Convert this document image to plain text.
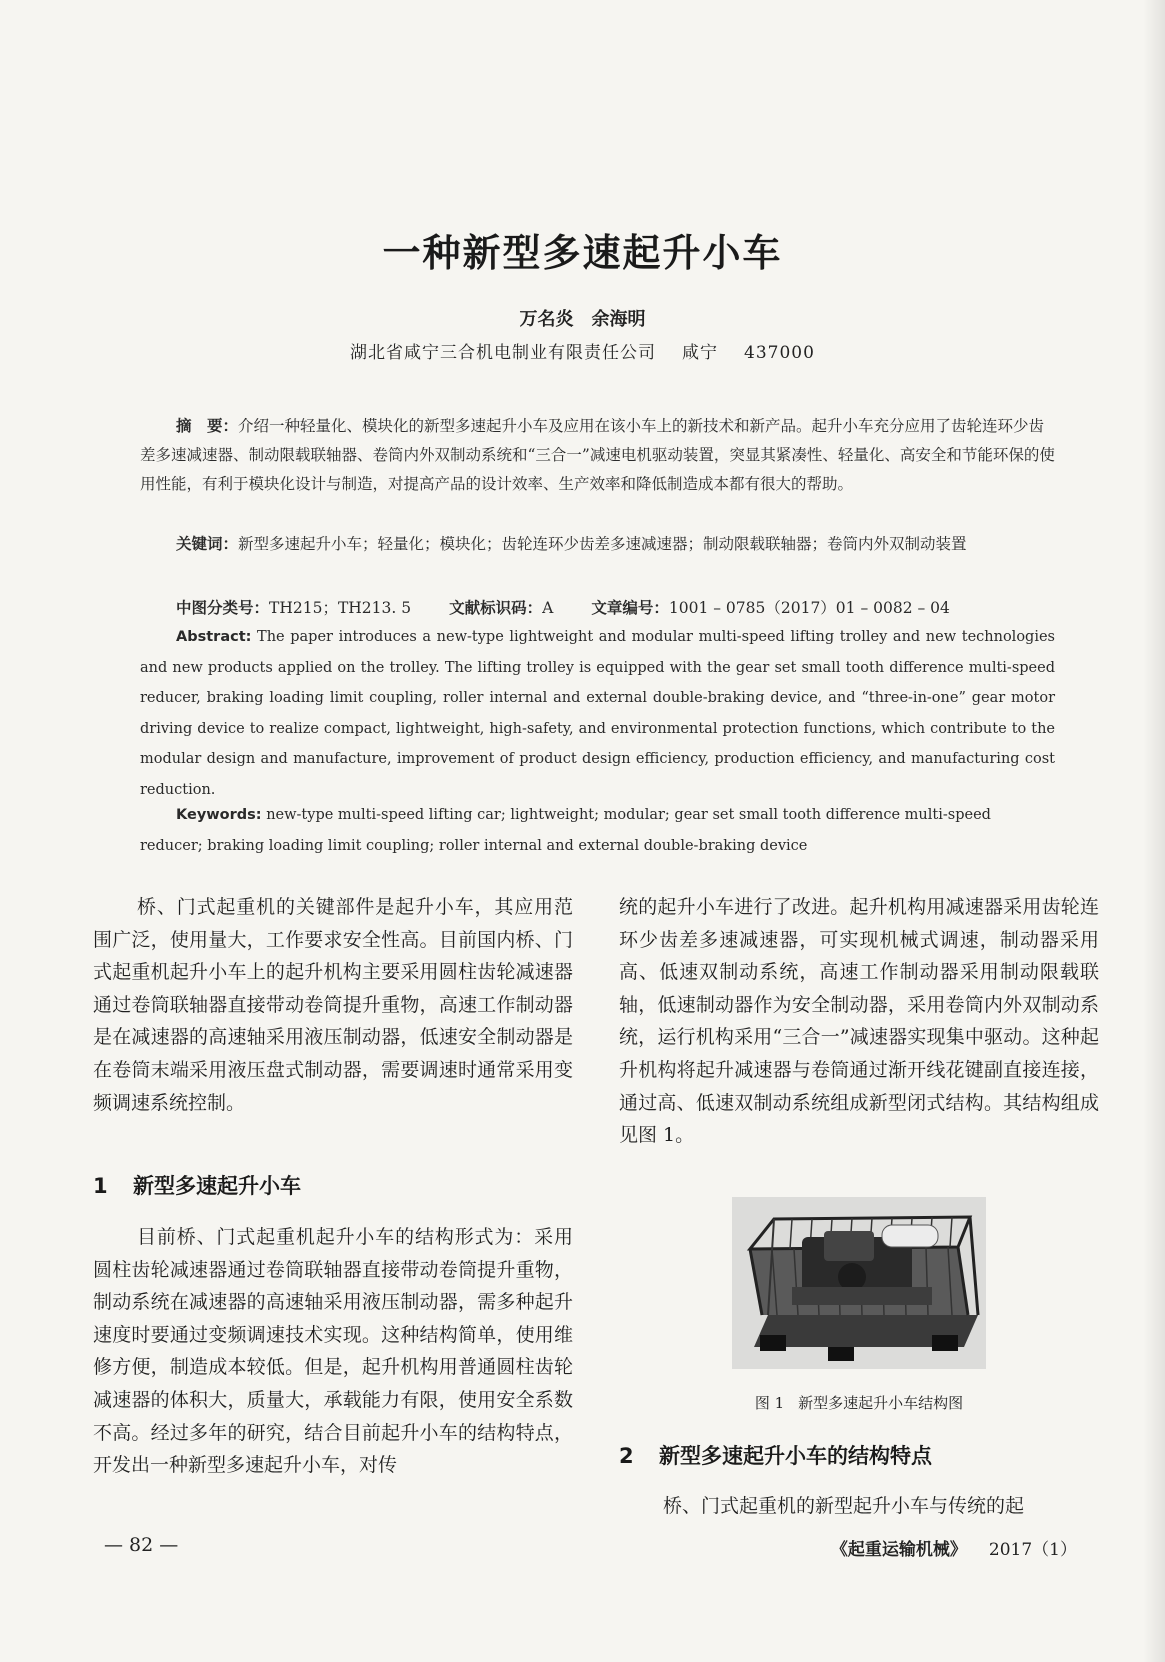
一种新型多速起升小车
万名炎　余海明
湖北省咸宁三合机电制业有限责任公司 咸宁 437000
摘　要：介绍一种轻量化、模块化的新型多速起升小车及应用在该小车上的新技术和新产品。起升小车充分应用了齿轮连环少齿差多速减速器、制动限载联轴器、卷筒内外双制动系统和“三合一”减速电机驱动装置，突显其紧凑性、轻量化、高安全和节能环保的使用性能，有利于模块化设计与制造，对提高产品的设计效率、生产效率和降低制造成本都有很大的帮助。
关键词：新型多速起升小车；轻量化；模块化；齿轮连环少齿差多速减速器；制动限载联轴器；卷筒内外双制动装置
中图分类号：TH215；TH213. 5 文献标识码：A 文章编号：1001 – 0785（2017）01 – 0082 – 04
Abstract: The paper introduces a new-type lightweight and modular multi-speed lifting trolley and new technologies and new products applied on the trolley. The lifting trolley is equipped with the gear set small tooth difference multi-speed reducer, braking loading limit coupling, roller internal and external double-braking device, and “three-in-one” gear motor driving device to realize compact, lightweight, high-safety, and environmental protection functions, which contribute to the modular design and manufacture, improvement of product design efficiency, production efficiency, and manufacturing cost reduction.
Keywords: new-type multi-speed lifting car; lightweight; modular; gear set small tooth difference multi-speed reducer; braking loading limit coupling; roller internal and external double-braking device

桥、门式起重机的关键部件是起升小车，其应用范围广泛，使用量大，工作要求安全性高。目前国内桥、门式起重机起升小车上的起升机构主要采用圆柱齿轮减速器通过卷筒联轴器直接带动卷筒提升重物，高速工作制动器是在减速器的高速轴采用液压制动器，低速安全制动器是在卷筒末端采用液压盘式制动器，需要调速时通常采用变频调速系统控制。

1 新型多速起升小车

目前桥、门式起重机起升小车的结构形式为：采用圆柱齿轮减速器通过卷筒联轴器直接带动卷筒提升重物，制动系统在减速器的高速轴采用液压制动器，需多种起升速度时要通过变频调速技术实现。这种结构简单，使用维修方便，制造成本较低。但是，起升机构用普通圆柱齿轮减速器的体积大，质量大，承载能力有限，使用安全系数不高。经过多年的研究，结合目前起升小车的结构特点，开发出一种新型多速起升小车，对传

统的起升小车进行了改进。起升机构用减速器采用齿轮连环少齿差多速减速器，可实现机械式调速，制动器采用高、低速双制动系统，高速工作制动器采用制动限载联轴，低速制动器作为安全制动器，采用卷筒内外双制动系统，运行机构采用“三合一”减速器实现集中驱动。这种起升机构将起升减速器与卷筒通过渐开线花键副直接连接，通过高、低速双制动系统组成新型闭式结构。其结构组成见图 1。

图 1 新型多速起升小车结构图
2 新型多速起升小车的结构特点

桥、门式起重机的新型起升小车与传统的起

— 82 —	《起重运输机械》 2017（1）
